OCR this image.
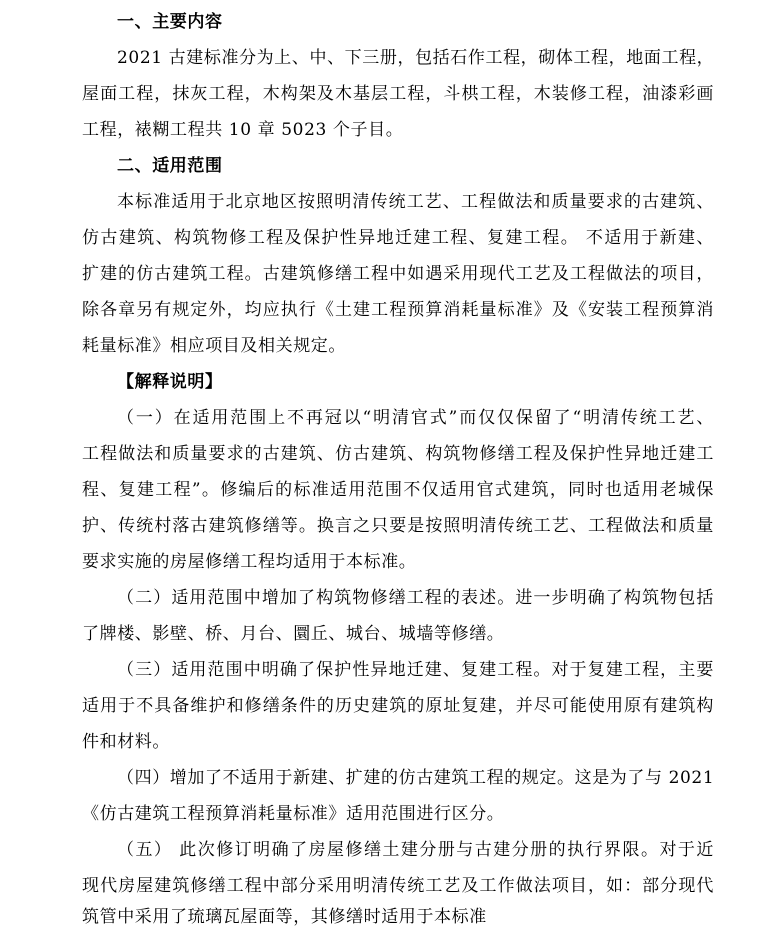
一、主要内容
2021 古建标准分为上、中、下三册，包括石作工程，砌体工程，地面工程，
屋面工程，抹灰工程，木构架及木基层工程，斗栱工程，木装修工程，油漆彩画
工程，裱糊工程共 10 章 5023 个子目。
二、适用范围
本标准适用于北京地区按照明清传统工艺、工程做法和质量要求的古建筑、
仿古建筑、构筑物修工程及保护性异地迁建工程、复建工程。 不适用于新建、
扩建的仿古建筑工程。古建筑修缮工程中如遇采用现代工艺及工程做法的项目，
除各章另有规定外，均应执行《土建工程预算消耗量标准》及《安装工程预算消
耗量标准》相应项目及相关规定。
【解释说明】
（一）在适用范围上不再冠以“明清官式”而仅仅保留了“明清传统工艺、
工程做法和质量要求的古建筑、仿古建筑、构筑物修缮工程及保护性异地迁建工
程、复建工程”。修编后的标准适用范围不仅适用官式建筑，同时也适用老城保
护、传统村落古建筑修缮等。换言之只要是按照明清传统工艺、工程做法和质量
要求实施的房屋修缮工程均适用于本标准。
（二）适用范围中增加了构筑物修缮工程的表述。进一步明确了构筑物包括
了牌楼、影壁、桥、月台、圜丘、城台、城墙等修缮。
（三）适用范围中明确了保护性异地迁建、复建工程。对于复建工程，主要
适用于不具备维护和修缮条件的历史建筑的原址复建，并尽可能使用原有建筑构
件和材料。
（四）增加了不适用于新建、扩建的仿古建筑工程的规定。这是为了与 2021
《仿古建筑工程预算消耗量标准》适用范围进行区分。
（五） 此次修订明确了房屋修缮土建分册与古建分册的执行界限。对于近
现代房屋建筑修缮工程中部分采用明清传统工艺及工作做法项目，如：部分现代
筑管中采用了琉璃瓦屋面等，其修缮时适用于本标准
